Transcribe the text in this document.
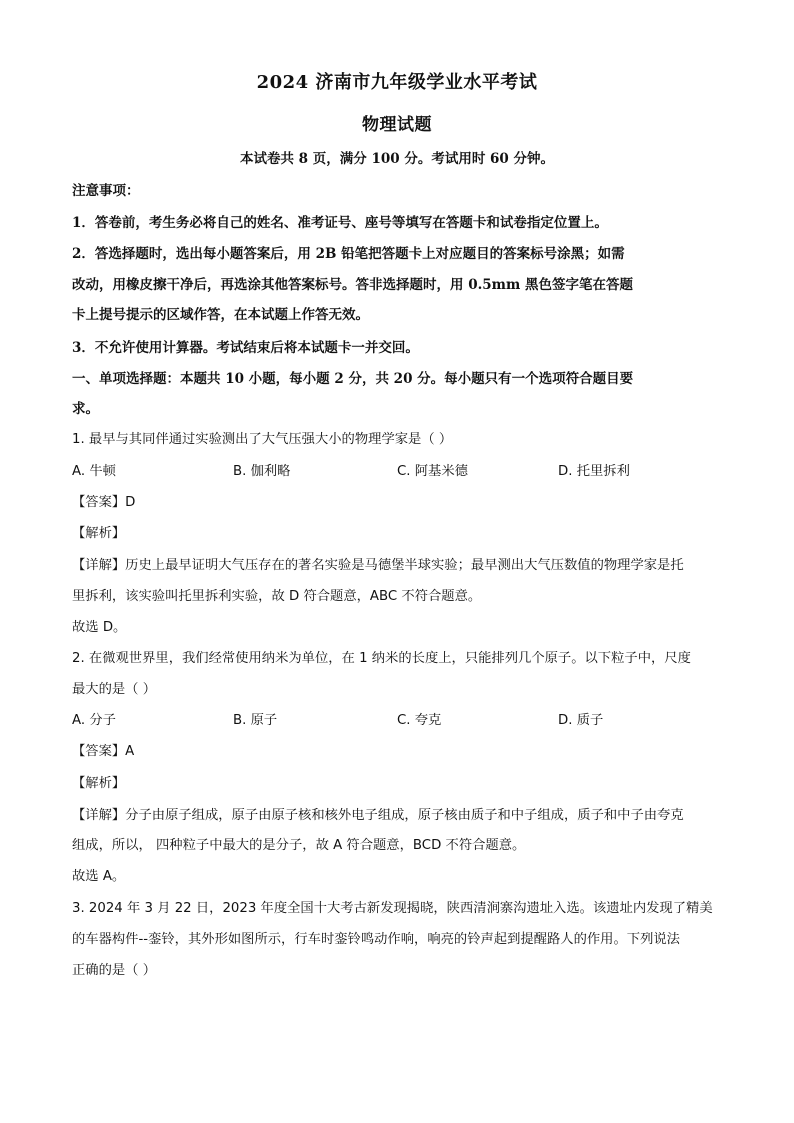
2024 济南市九年级学业水平考试
物理试题
本试卷共 8 页，满分 100 分。考试用时 60 分钟。
注意事项：
1．答卷前，考生务必将自己的姓名、准考证号、座号等填写在答题卡和试卷指定位置上。
2．答选择题时，选出每小题答案后，用 2B 铅笔把答题卡上对应题目的答案标号涂黑；如需
改动，用橡皮擦干净后，再选涂其他答案标号。答非选择题时，用 0.5mm 黑色签字笔在答题
卡上提号提示的区域作答，在本试题上作答无效。
3．不允许使用计算器。考试结束后将本试题卡一并交回。
一、单项选择题：本题共 10 小题，每小题 2 分，共 20 分。每小题只有一个选项符合题目要
求。
1. 最早与其同伴通过实验测出了大气压强大小的物理学家是（ ）
A. 牛顿	B. 伽利略	C. 阿基米德	D. 托里拆利
【答案】D
【解析】
【详解】历史上最早证明大气压存在的著名实验是马德堡半球实验；最早测出大气压数值的物理学家是托
里拆利，该实验叫托里拆利实验，故 D 符合题意，ABC 不符合题意。
故选 D。
2. 在微观世界里，我们经常使用纳米为单位，在 1 纳米的长度上，只能排列几个原子。以下粒子中，尺度
最大的是（ ）
A. 分子	B. 原子	C. 夸克	D. 质子
【答案】A
【解析】
【详解】分子由原子组成，原子由原子核和核外电子组成，原子核由质子和中子组成，质子和中子由夸克
组成，所以， 四种粒子中最大的是分子，故 A 符合题意，BCD 不符合题意。
故选 A。
3. 2024 年 3 月 22 日，2023 年度全国十大考古新发现揭晓，陕西清涧寨沟遗址入选。该遗址内发现了精美
的车器构件--銮铃，其外形如图所示，行车时銮铃鸣动作响，响亮的铃声起到提醒路人的作用。下列说法
正确的是（ ）
